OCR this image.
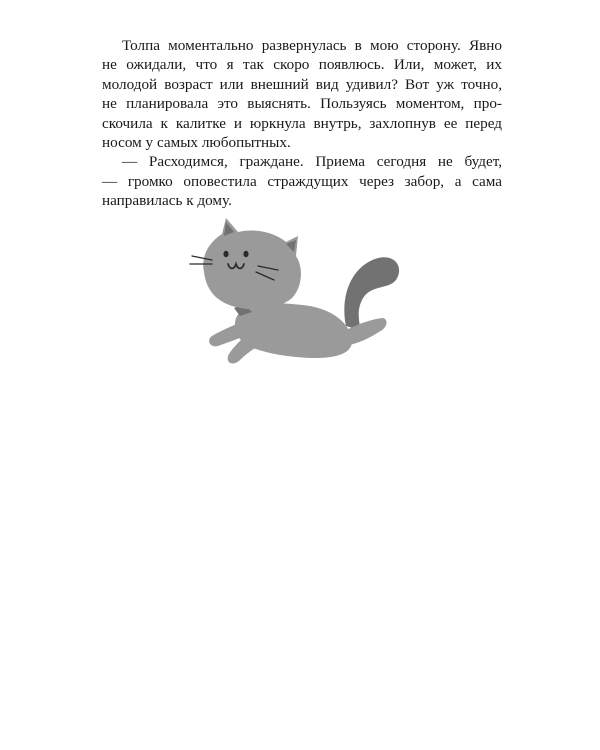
Толпа моментально развернулась в мою сторону. Явно
не ожидали, что я так скоро появлюсь. Или, может, их
молодой возраст или внешний вид удивил? Вот уж точно,
не планировала это выяснять. Пользуясь моментом, про-
скочила к калитке и юркнула внутрь, захлопнув ее перед
носом у самых любопытных.
— Расходимся, граждане. Приема сегодня не будет,
— громко оповестила страждущих через забор, а сама
направилась к дому.
